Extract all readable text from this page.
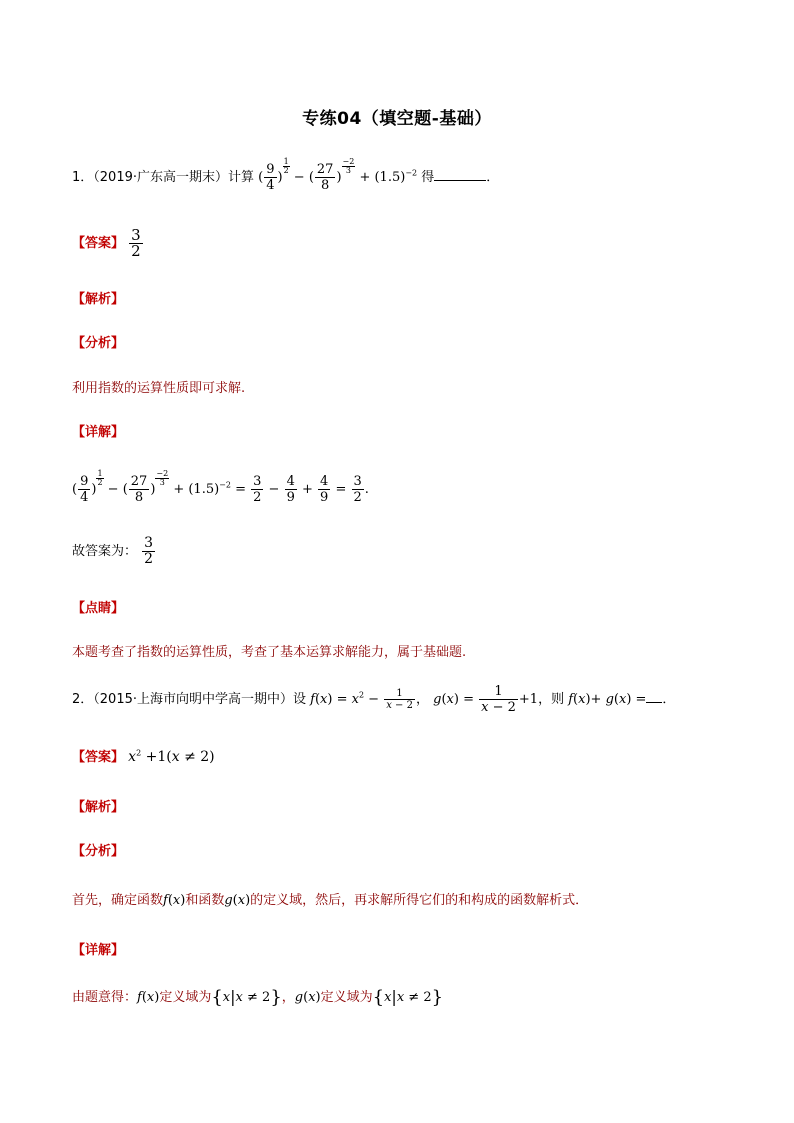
专练04（填空题-基础）
1．（2019·广东高一期末）计算 ( $\frac{9}{4}$ )
$\frac{1}{2}$
− ( $\frac{27}{8}$ )
$\frac{-2}{3}$
+ $(1.5)^{-2}$ 得	．
【答案】 $\frac{3}{2}$
【解析】
【分析】
利用指数的运算性质即可求解.
【详解】
( $\frac{9}{4}$ )
$\frac{1}{2}$
− ( $\frac{27}{8}$ )
$\frac{-2}{3}$
+ $(1.5)^{-2} = \frac{3}{2} - \frac{4}{9} + \frac{4}{9} = \frac{3}{2}$ .
故答案为： $\frac{3}{2}$
【点睛】
本题考查了指数的运算性质，考查了基本运算求解能力，属于基础题.
2．（2015·上海市向明中学高一期中）设 $f(x) = x^2 - \frac{1}{x - 2}$ ， $g(x) = \frac{1}{x - 2} +1$，则 f(x)+ g(x) = ．
【答案】 $x^2 +1(x \ne 2)$
【解析】
【分析】
首先，确定函数f(x)和函数g(x)的定义域，然后，再求解所得它们的和构成的函数解析式．
【详解】
由题意得：f(x)定义域为{x|x ≠ 2}，g(x)定义域为{x|x ≠ 2}
